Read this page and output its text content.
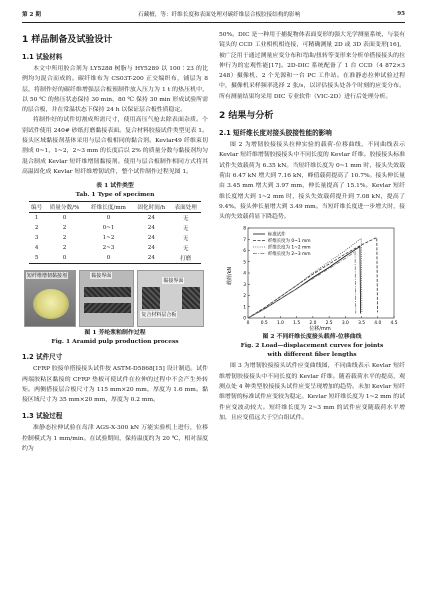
第 2 期	石藏檀，等：纤维长度和表面处理对碳纤维层合板胶接结构的影响	95
1 样品制备及试验设计
1.1 试验材料

本文中所用胶合剂为 LY5288 树脂与 HY5289 以 100∶23 的比例均匀混合而成的。碳纤维布为 CS03T-200 正交编织布，铺层为 8 层，将制作好的碳纤维增强层合板预制件放入压力为 1 t 的热压机中，以 50 ℃ 的热压状态保持 30 min，80 ℃ 保持 30 min 形成试验所需的层合板，并在常温状态下保持 24 h 以保证层合板性质稳定。

将制作好的试件切割成所需尺寸，使用高压气枪去除表面杂质。个别试件使用 240# 砂纸打磨黏接表面。复合材料胶接试件类型见表 1。接头区域黏接剂基体采用与层合板相同的黏合剂。Kevlar49 纤维束切割成 0~1，1~2，2~3 mm 的长度后以 2% 的质量分数与黏接剂均匀混合制成 Kevlar 短纤维增韧黏接剂。使用与层合板制作相同方式将其高温固化成 Kevlar 短纤维增韧试件，整个试件制作过程见图 1。

表 1 试件类型
Tab. 1 Type of specimen
编号	质量分数/%	纤维长度/mm	固化时间/h	表面处理
1	0	0	24	无
2	2	0~1	24	无
3	2	1~2	24	无
4	2	2~3	24	无
5	0	0	24	打磨
短纤维增韧黏接剂	黏接界面
黏接界面
复合材料层合板
图 1 芳纶浆粕制作过程
Fig. 1 Aramid pulp production process
1.2 试件尺寸

CFRP 胶接单搭接接头试件按 ASTM-D5868[15] 设计制造。试件两端胶粘区黏接的 CFRP 垫板可使试件在拉伸的过程中不会产生外转矩。两侧搭接层合板尺寸为 115 mm×20 mm，厚度为 1.6 mm。黏接区域尺寸为 35 mm×20 mm，厚度为 0.2 mm。

1.3 试验过程

准静态拉伸试验在岛津 AGS-X-300 kN 万能实验机上进行，位移控制模式为 1 mm/min。在试验期间，保持温度约为 20 ℃，相对湿度约为

50%。DIC 是一种用于捕捉物体表面变形的强大光学测量系统，与装有镜头的 CCD 工业相机相连接，可精确测量 2D 或 3D 表面变形[16]，被广泛用于通过测量应变分布和弯曲/扭转等变形来分析单搭接接头的拉伸行为的宏观性能[17]。2D-DIC 系统配备了 1 台 CCD（4 872×3 248）摄像机、2 个光源和一台 PC 工作站。在准静态拉伸试验过程中，摄像机采样频率选择 2 张/s，以评估接头处各个时刻的应变分布。所有测量结果均采用 DIC 专业软件（VIC-2D）进行后处理分析。

2 结果与分析
2.1 短纤维长度对接头胶接性能的影响

图 2 为增韧胶接接头拉伸实验的载荷-位移曲线，不同曲线表示 Kevlar 短纤维增韧胶接接头中不同长度的 Kevlar 纤维。胶接接头标准试件失效载荷为 6.35 kN。当短纤维长度为 0~1 mm 时，接头失效载荷由 6.47 kN 增大到 7.16 kN，峰值载荷提高了 10.7%。接头伸长量由 3.45 mm 增大到 3.97 mm，伸长量提高了 15.1%。Kevlar 短纤维长度增大到 1~2 mm 时，接头失效载荷提升到 7.08 kN，提高了 9.4%。接头伸长量增大到 3.49 mm。当短纤维长度进一步增大时，接头的失效载荷显下降趋势。

载荷/kN
位移/mm
0	0.5 1.0 1.5 2.0 2.5 3.0 3.5 4.0 4.5
0
1
2
3
4
5
6
7
8
标准试件
纤维长度为 0~1 mm
纤维长度为 1~2 mm
纤维长度为 2~3 mm
图 2 不同纤维长度接头载荷-位移曲线
Fig. 2 Load—displacement curves for joints
with different fiber lengths

图 3 为增韧胶接接头试件应变曲线图，不同曲线表示 Kevlar 短纤维增韧胶接接头中不同长度的 Kevlar 纤维。随着载荷水平的提高，观测点处 4 种类型胶接接头试件应变呈现增加的趋势。未加 Kevlar 短纤维增韧的标准试件应变较为稳定。Kevlar 短纤维长度为 1~2 mm 的试件应变波动较大。短纤维长度为 2~3 mm 的试件应变随载荷水平增加，且应变值远大于空白组试件。
